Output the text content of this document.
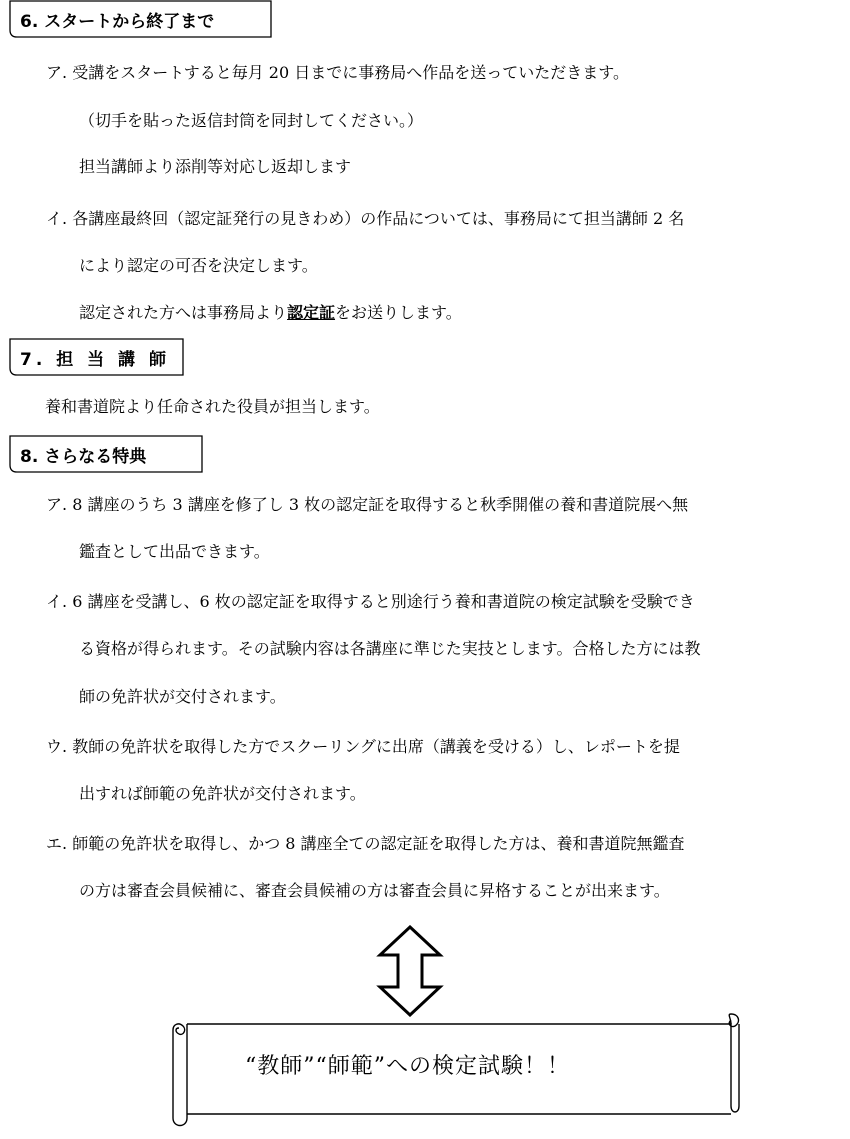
6. スタートから終了まで
ア. 受講をスタートすると毎月 20 日までに事務局へ作品を送っていただきます。
（切手を貼った返信封筒を同封してください。）
担当講師より添削等対応し返却します
イ. 各講座最終回（認定証発行の見きわめ）の作品については、事務局にて担当講師 2 名
により認定の可否を決定します。
認定された方へは事務局より認定証をお送りします。
7. 担 当 講 師
養和書道院より任命された役員が担当します。
8. さらなる特典
ア. 8 講座のうち 3 講座を修了し 3 枚の認定証を取得すると秋季開催の養和書道院展へ無
鑑査として出品できます。
イ. 6 講座を受講し、6 枚の認定証を取得すると別途行う養和書道院の検定試験を受験でき
る資格が得られます。その試験内容は各講座に準じた実技とします。合格した方には教
師の免許状が交付されます。
ウ. 教師の免許状を取得した方でスクーリングに出席（講義を受ける）し、レポートを提
出すれば師範の免許状が交付されます。
エ. 師範の免許状を取得し、かつ 8 講座全ての認定証を取得した方は、養和書道院無鑑査
の方は審査会員候補に、審査会員候補の方は審査会員に昇格することが出来ます。
“教師”“師範”への検定試験！！
